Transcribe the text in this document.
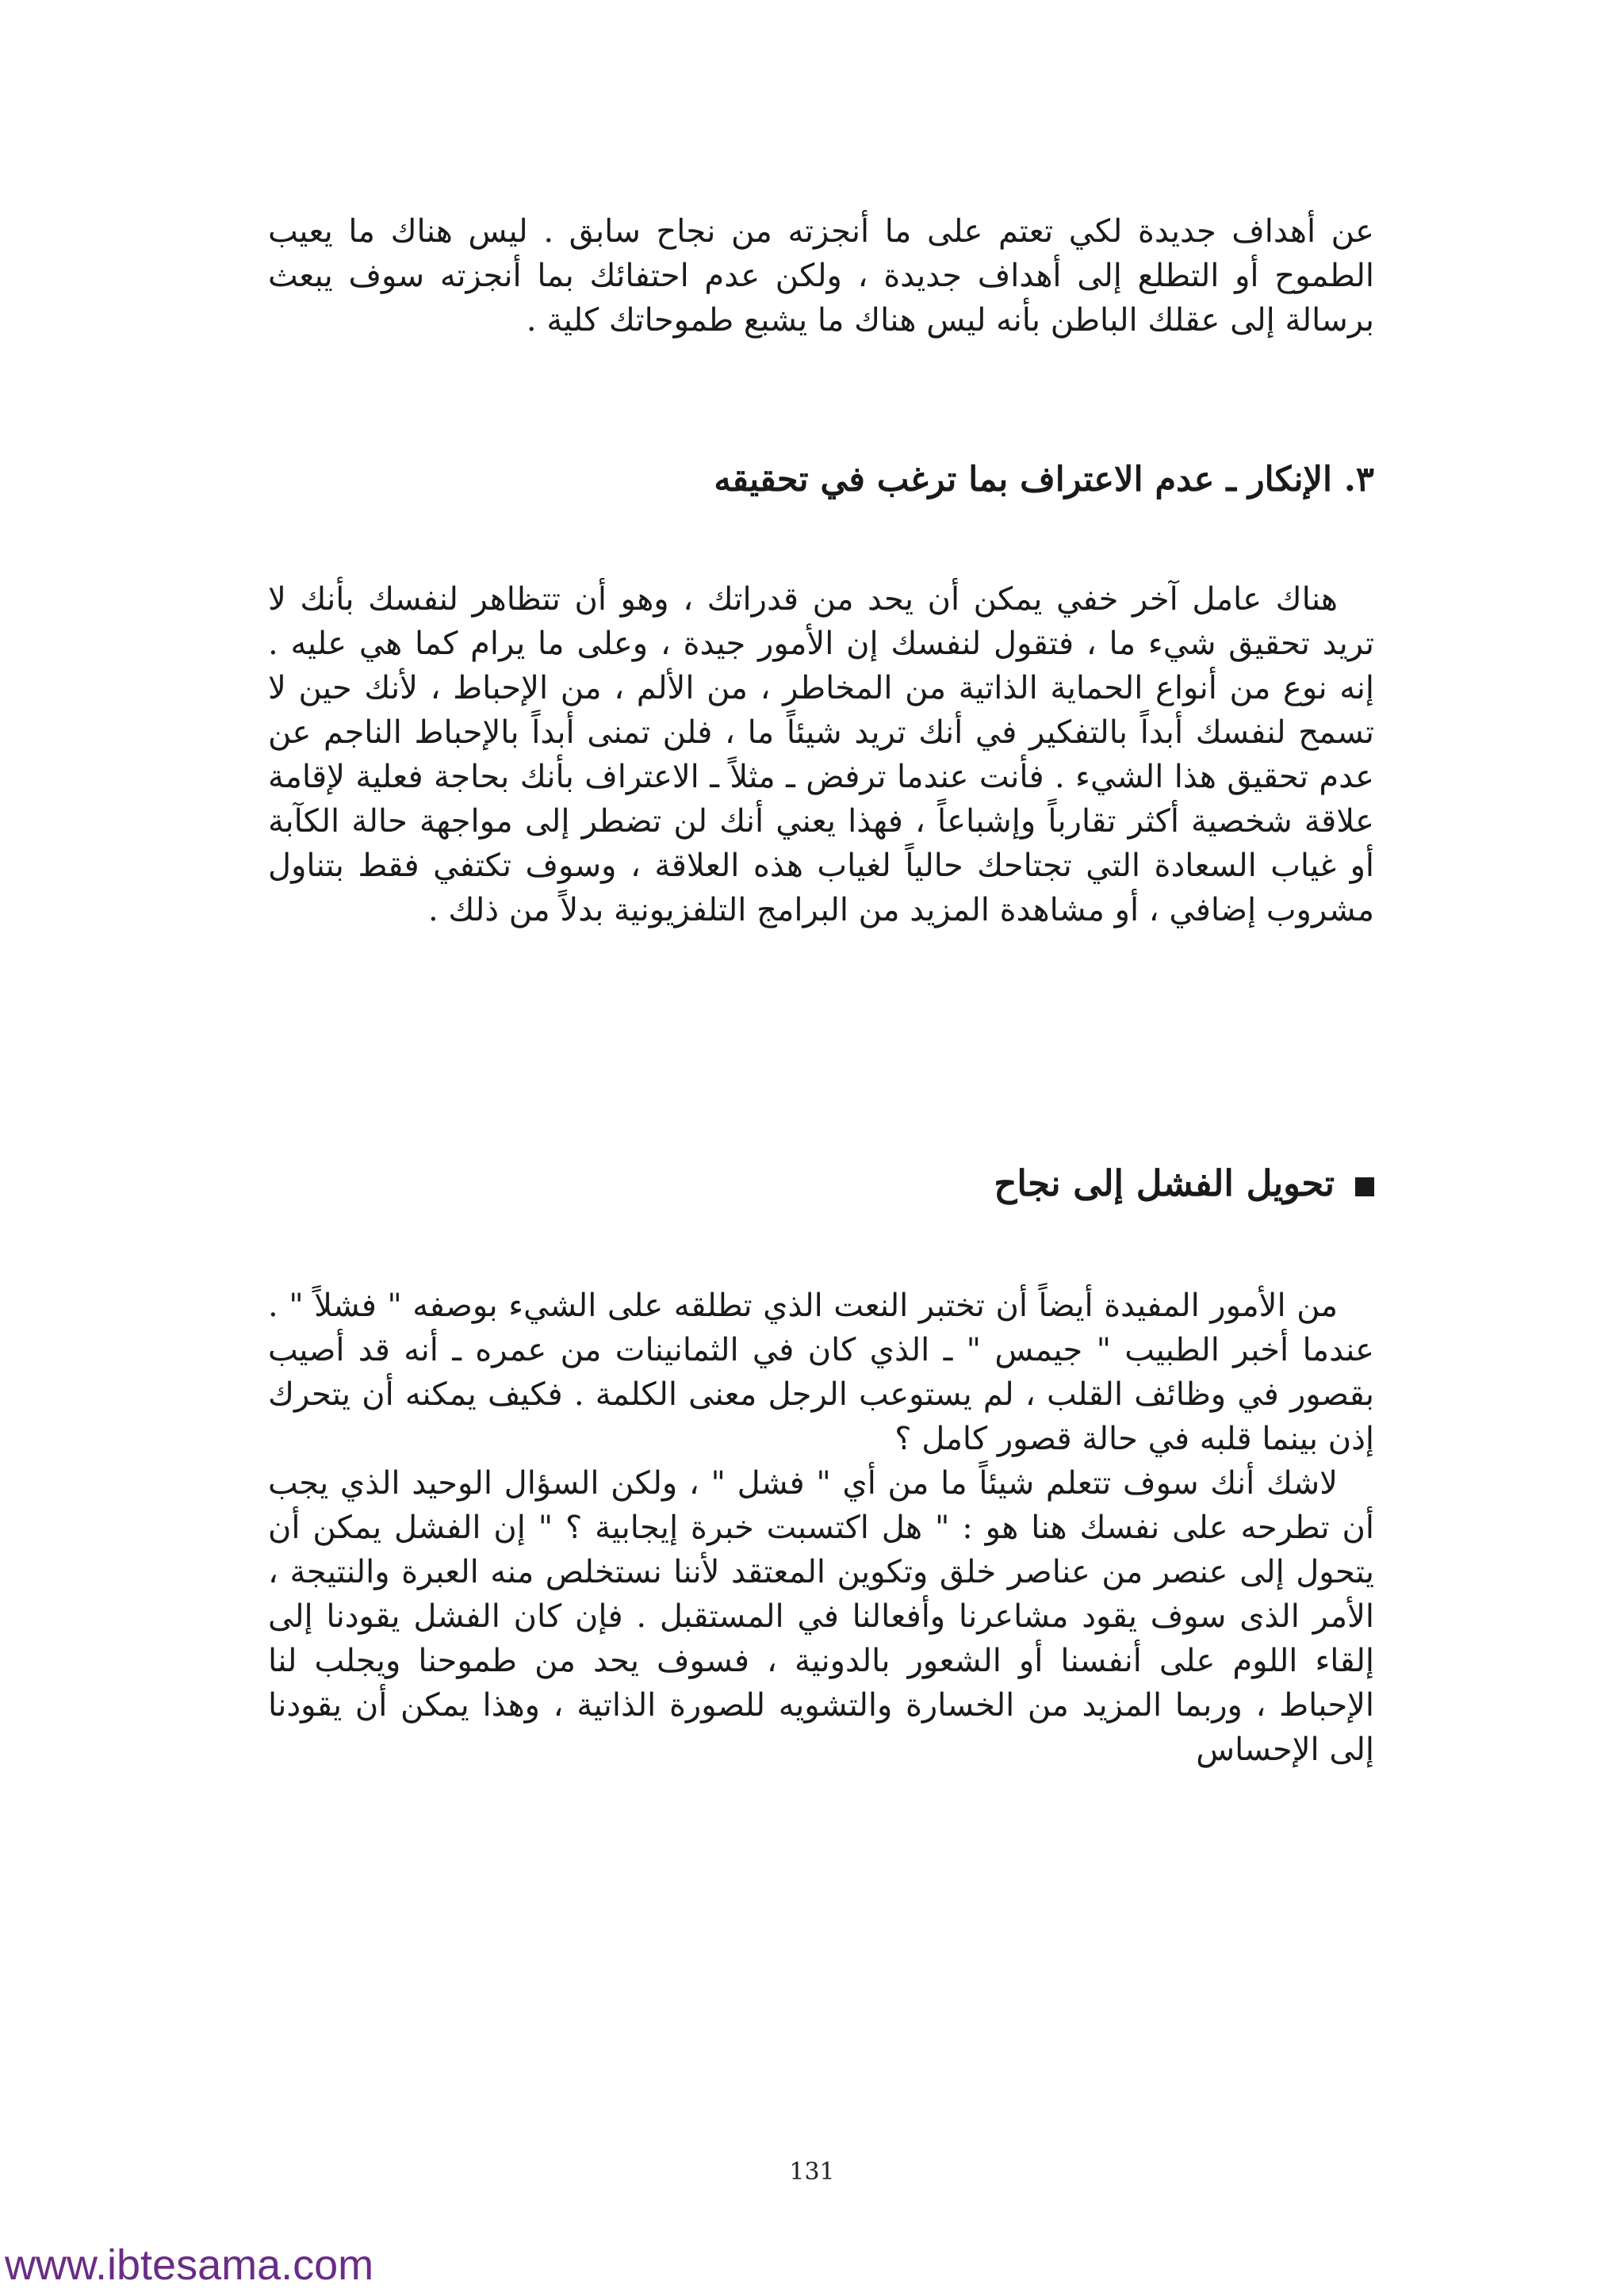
عن أهداف جديدة لكي تعتم على ما أنجزته من نجاح سابق . ليس هناك ما يعيب الطموح أو التطلع إلى أهداف جديدة ، ولكن عدم احتفائك بما أنجزته سوف يبعث برسالة إلى عقلك الباطن بأنه ليس هناك ما يشبع طموحاتك كلية .

٣. الإنكار ـ عدم الاعتراف بما ترغب في تحقيقه

هناك عامل آخر خفي يمكن أن يحد من قدراتك ، وهو أن تتظاهر لنفسك بأنك لا تريد تحقيق شيء ما ، فتقول لنفسك إن الأمور جيدة ، وعلى ما يرام كما هي عليه . إنه نوع من أنواع الحماية الذاتية من المخاطر ، من الألم ، من الإحباط ، لأنك حين لا تسمح لنفسك أبداً بالتفكير في أنك تريد شيئاً ما ، فلن تمنى أبداً بالإحباط الناجم عن عدم تحقيق هذا الشيء . فأنت عندما ترفض ـ مثلاً ـ الاعتراف بأنك بحاجة فعلية لإقامة علاقة شخصية أكثر تقارباً وإشباعاً ، فهذا يعني أنك لن تضطر إلى مواجهة حالة الكآبة أو غياب السعادة التي تجتاحك حالياً لغياب هذه العلاقة ، وسوف تكتفي فقط بتناول مشروب إضافي ، أو مشاهدة المزيد من البرامج التلفزيونية بدلاً من ذلك .

تحويل الفشل إلى نجاح

من الأمور المفيدة أيضاً أن تختبر النعت الذي تطلقه على الشيء بوصفه " فشلاً " . عندما أخبر الطبيب " جيمس " ـ الذي كان في الثمانينات من عمره ـ أنه قد أصيب بقصور في وظائف القلب ، لم يستوعب الرجل معنى الكلمة . فكيف يمكنه أن يتحرك إذن بينما قلبه في حالة قصور كامل ؟

لاشك أنك سوف تتعلم شيئاً ما من أي " فشل " ، ولكن السؤال الوحيد الذي يجب أن تطرحه على نفسك هنا هو : " هل اكتسبت خبرة إيجابية ؟ " إن الفشل يمكن أن يتحول إلى عنصر من عناصر خلق وتكوين المعتقد لأننا نستخلص منه العبرة والنتيجة ، الأمر الذى سوف يقود مشاعرنا وأفعالنا في المستقبل . فإن كان الفشل يقودنا إلى إلقاء اللوم على أنفسنا أو الشعور بالدونية ، فسوف يحد من طموحنا ويجلب لنا الإحباط ، وربما المزيد من الخسارة والتشويه للصورة الذاتية ، وهذا يمكن أن يقودنا إلى الإحساس

131
www.ibtesama.com
